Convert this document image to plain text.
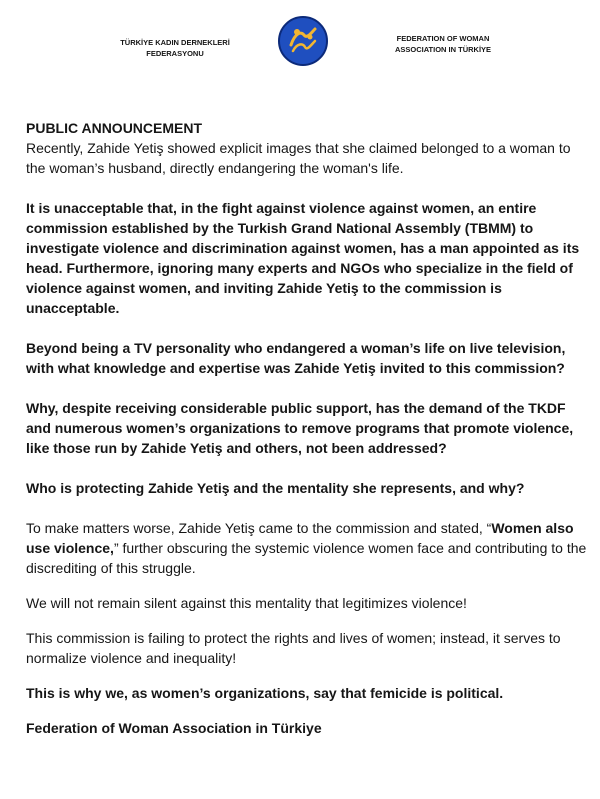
TÜRKİYE KADIN DERNEKLERİ
FEDERASYONU
FEDERATION OF WOMAN
ASSOCIATION IN TÜRKİYE

PUBLIC ANNOUNCEMENT

Recently, Zahide Yetiş showed explicit images that she claimed belonged to a woman to the woman’s husband, directly endangering the woman's life.

It is unacceptable that, in the fight against violence against women, an entire commission established by the Turkish Grand National Assembly (TBMM) to investigate violence and discrimination against women, has a man appointed as its head. Furthermore, ignoring many experts and NGOs who specialize in the field of violence against women, and inviting Zahide Yetiş to the commission is unacceptable.

Beyond being a TV personality who endangered a woman’s life on live television, with what knowledge and expertise was Zahide Yetiş invited to this commission?

Why, despite receiving considerable public support, has the demand of the TKDF and numerous women’s organizations to remove programs that promote violence, like those run by Zahide Yetiş and others, not been addressed?

Who is protecting Zahide Yetiş and the mentality she represents, and why?

To make matters worse, Zahide Yetiş came to the commission and stated, “Women also use violence,” further obscuring the systemic violence women face and contributing to the discrediting of this struggle.

We will not remain silent against this mentality that legitimizes violence!

This commission is failing to protect the rights and lives of women; instead, it serves to normalize violence and inequality!

This is why we, as women’s organizations, say that femicide is political.

Federation of Woman Association in Türkiye
